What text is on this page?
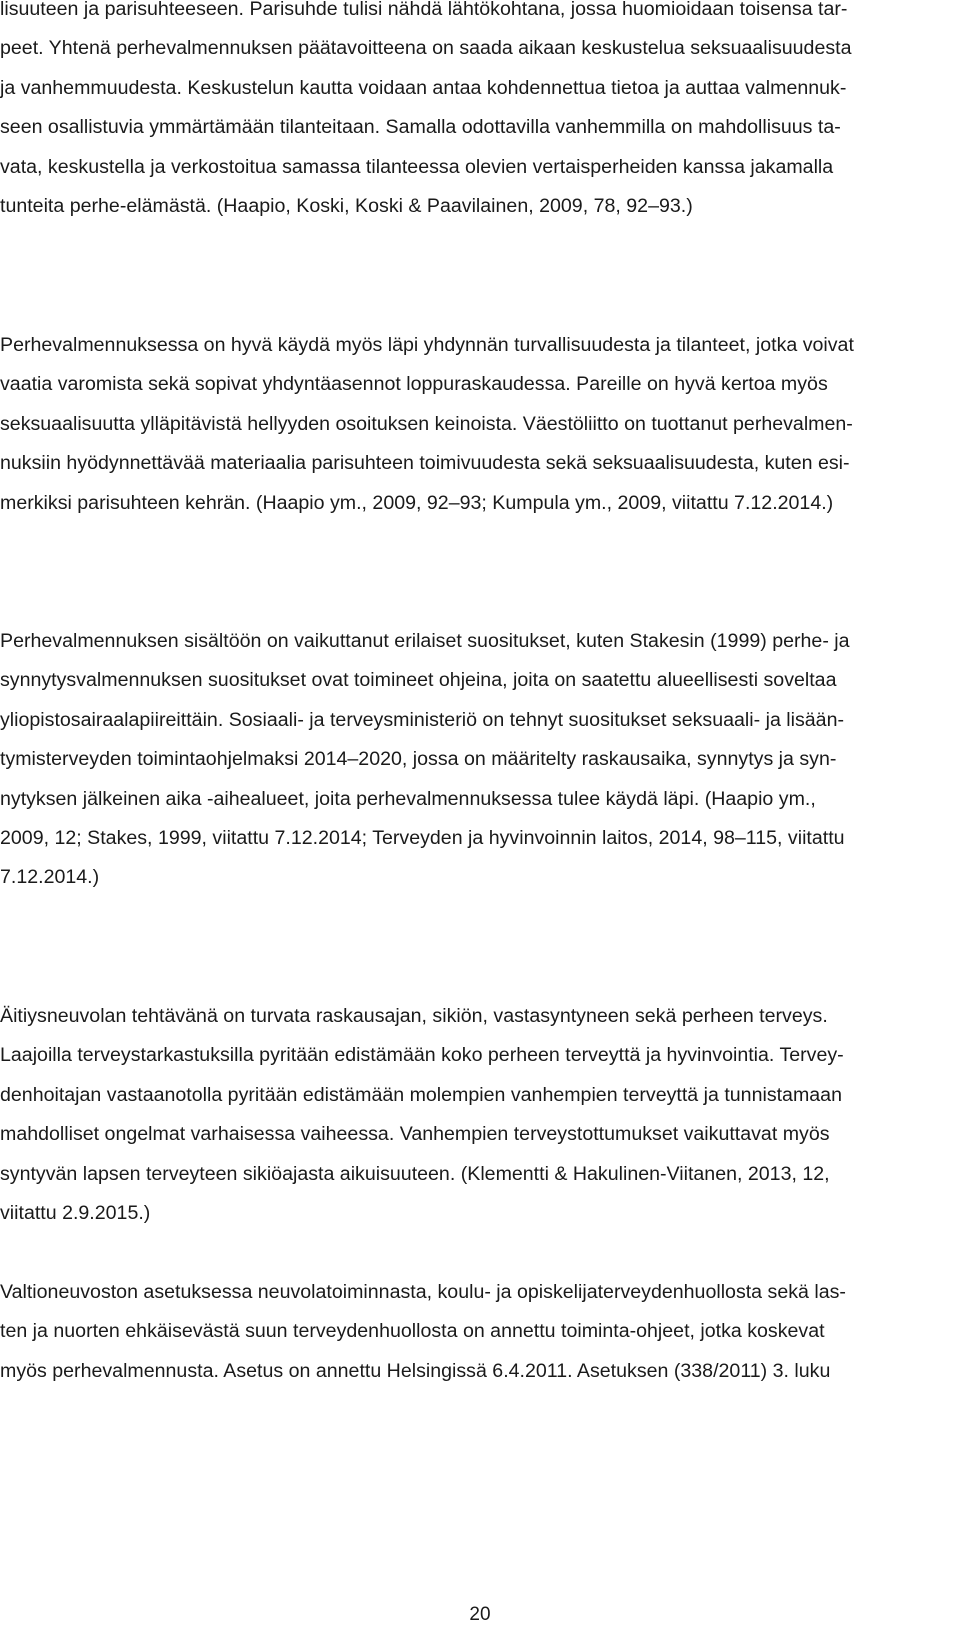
lisuuteen ja parisuhteeseen. Parisuhde tulisi nähdä lähtökohtana, jossa huomioidaan toisensa tar-

peet. Yhtenä perhevalmennuksen päätavoitteena on saada aikaan keskustelua seksuaalisuudesta

ja vanhemmuudesta. Keskustelun kautta voidaan antaa kohdennettua tietoa ja auttaa valmennuk-

seen osallistuvia ymmärtämään tilanteitaan. Samalla odottavilla vanhemmilla on mahdollisuus ta-

vata, keskustella ja verkostoitua samassa tilanteessa olevien vertaisperheiden kanssa jakamalla

tunteita perhe-elämästä. (Haapio, Koski, Koski & Paavilainen, 2009, 78, 92–93.)

Perhevalmennuksessa on hyvä käydä myös läpi yhdynnän turvallisuudesta ja tilanteet, jotka voivat

vaatia varomista sekä sopivat yhdyntäasennot loppuraskaudessa. Pareille on hyvä kertoa myös

seksuaalisuutta ylläpitävistä hellyyden osoituksen keinoista. Väestöliitto on tuottanut perhevalmen-

nuksiin hyödynnettävää materiaalia parisuhteen toimivuudesta sekä seksuaalisuudesta, kuten esi-

merkiksi parisuhteen kehrän. (Haapio ym., 2009, 92–93; Kumpula ym., 2009, viitattu 7.12.2014.)

Perhevalmennuksen sisältöön on vaikuttanut erilaiset suositukset, kuten Stakesin (1999) perhe- ja

synnytysvalmennuksen suositukset ovat toimineet ohjeina, joita on saatettu alueellisesti soveltaa

yliopistosairaalapiireittäin. Sosiaali- ja terveysministeriö on tehnyt suositukset seksuaali- ja lisään-

tymisterveyden toimintaohjelmaksi 2014–2020, jossa on määritelty raskausaika, synnytys ja syn-

nytyksen jälkeinen aika -aihealueet, joita perhevalmennuksessa tulee käydä läpi. (Haapio ym.,

2009, 12; Stakes, 1999, viitattu 7.12.2014; Terveyden ja hyvinvoinnin laitos, 2014, 98–115, viitattu

7.12.2014.)

Äitiysneuvolan tehtävänä on turvata raskausajan, sikiön, vastasyntyneen sekä perheen terveys.

Laajoilla terveystarkastuksilla pyritään edistämään koko perheen terveyttä ja hyvinvointia. Tervey-

denhoitajan vastaanotolla pyritään edistämään molempien vanhempien terveyttä ja tunnistamaan

mahdolliset ongelmat varhaisessa vaiheessa. Vanhempien terveystottumukset vaikuttavat myös

syntyvän lapsen terveyteen sikiöajasta aikuisuuteen. (Klementti & Hakulinen-Viitanen, 2013, 12,

viitattu 2.9.2015.)

Valtioneuvoston asetuksessa neuvolatoiminnasta, koulu- ja opiskelijaterveydenhuollosta sekä las-

ten ja nuorten ehkäisevästä suun terveydenhuollosta on annettu toiminta-ohjeet, jotka koskevat

myös perhevalmennusta. Asetus on annettu Helsingissä 6.4.2011. Asetuksen (338/2011) 3. luku

20
